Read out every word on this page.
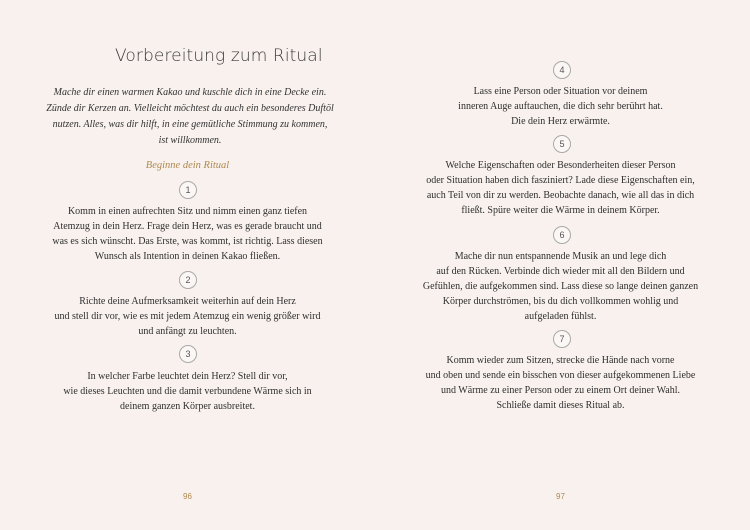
Vorbereitung zum Ritual
Mache dir einen warmen Kakao und kuschle dich in eine Decke ein.
Zünde dir Kerzen an. Vielleicht möchtest du auch ein besonderes Duftöl
nutzen. Alles, was dir hilft, in eine gemütliche Stimmung zu kommen,
ist willkommen.
Beginne dein Ritual
1
Komm in einen aufrechten Sitz und nimm einen ganz tiefen
Atemzug in dein Herz. Frage dein Herz, was es gerade braucht und
was es sich wünscht. Das Erste, was kommt, ist richtig. Lass diesen
Wunsch als Intention in deinen Kakao fließen.
2
Richte deine Aufmerksamkeit weiterhin auf dein Herz
und stell dir vor, wie es mit jedem Atemzug ein wenig größer wird
und anfängt zu leuchten.
3
In welcher Farbe leuchtet dein Herz? Stell dir vor,
wie dieses Leuchten und die damit verbundene Wärme sich in
deinem ganzen Körper ausbreitet.
96
4
Lass eine Person oder Situation vor deinem
inneren Auge auftauchen, die dich sehr berührt hat.
Die dein Herz erwärmte.
5
Welche Eigenschaften oder Besonderheiten dieser Person
oder Situation haben dich fasziniert? Lade diese Eigenschaften ein,
auch Teil von dir zu werden. Beobachte danach, wie all das in dich
fließt. Spüre weiter die Wärme in deinem Körper.
6
Mache dir nun entspannende Musik an und lege dich
auf den Rücken. Verbinde dich wieder mit all den Bildern und
Gefühlen, die aufgekommen sind. Lass diese so lange deinen ganzen
Körper durchströmen, bis du dich vollkommen wohlig und
aufgeladen fühlst.
7
Komm wieder zum Sitzen, strecke die Hände nach vorne
und oben und sende ein bisschen von dieser aufgekommenen Liebe
und Wärme zu einer Person oder zu einem Ort deiner Wahl.
Schließe damit dieses Ritual ab.
97
